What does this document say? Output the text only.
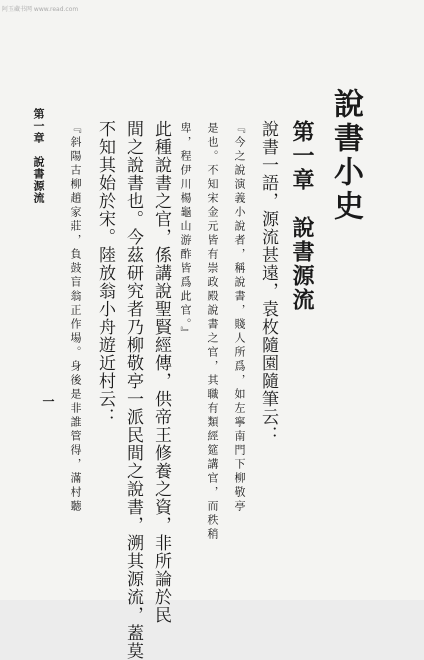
阿玉藏书网 www.read.com
說書小史
第一章　說書源流
說書一語，源流甚遠，袁枚隨園隨筆云：
『今之說演義小說者，稱說書，賤人所爲，如左寧南門下柳敬亭
是也。不知宋金元皆有崇政殿說書之官，其職有類經筵講官，而秩稍
卑，程伊川楊龜山游酢皆爲此官。』
此種說書之官，係講說聖賢經傳，供帝王修養之資，非所論於民
間之說書也。今茲研究者乃柳敬亭一派民間之說書，溯其源流，蓋莫
不知其始於宋。陸放翁小舟遊近村云：
『斜陽古柳趙家莊，負鼓盲翁正作場。身後是非誰管得，滿村聽
第一章　說書源流
一
